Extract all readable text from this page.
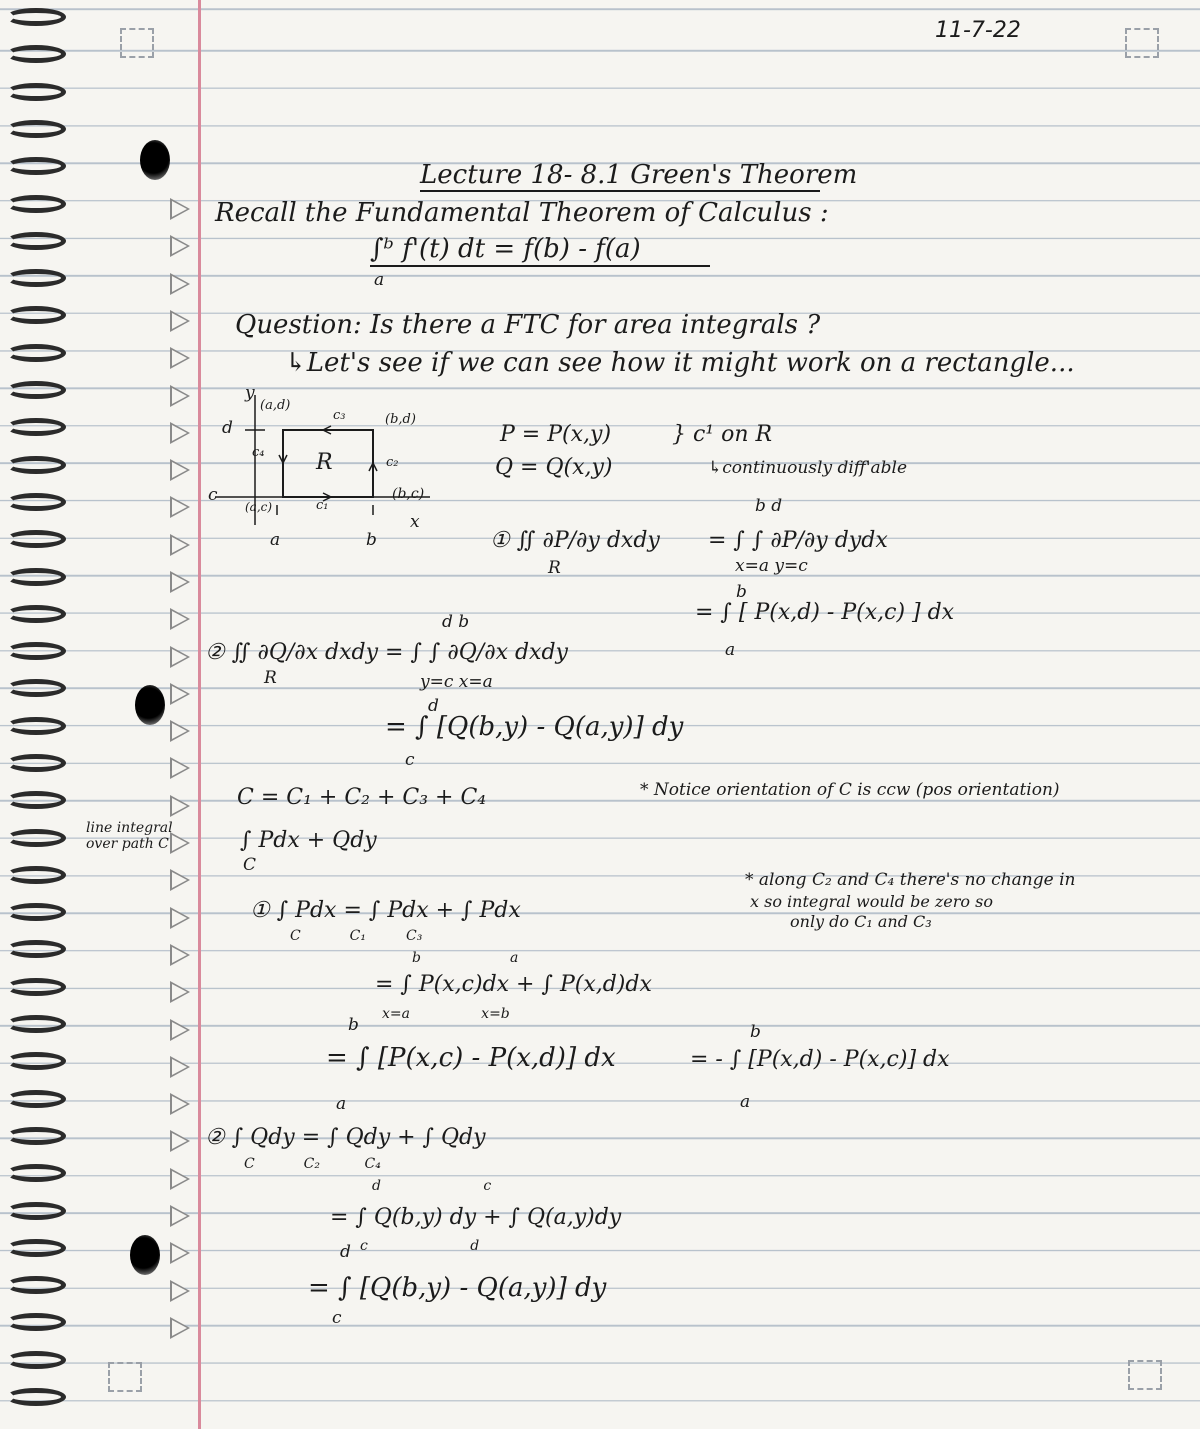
11-7-22
Lecture 18- 8.1 Green's Theorem
Recall the Fundamental Theorem of Calculus :
∫ᵇ f'(t) dt = f(b) - f(a)
a
Question: Is there a FTC for area integrals ?
↳Let's see if we can see how it might work on a rectangle...
y
d
c
a	b
x
(a,d)
(b,d)
(a,c)
(b,c)
c₁
c₂
c₃
c₄ R
P = P(x,y)
Q = Q(x,y)
} c¹ on R
↳continuously diff'able
① ∬ ∂P/∂y dxdy
R
= ∫ ∫ ∂P/∂y dydx
b d
x=a y=c
= ∫ [ P(x,d) - P(x,c) ] dx
b
a
② ∬ ∂Q/∂x dxdy = ∫ ∫ ∂Q/∂x dxdy
R
d b
y=c x=a
= ∫ [Q(b,y) - Q(a,y)] dy
d
c
C = C₁ + C₂ + C₃ + C₄	* Notice orientation of C is ccw (pos orientation)
line integral over path C	∫ Pdx + Qdy
C
① ∫ Pdx = ∫ Pdx + ∫ Pdx
C           C₁         C₃
* along C₂ and C₄ there's no change in
x so integral would be zero so
only do C₁ and C₃
= ∫ P(x,c)dx + ∫ P(x,d)dx
b                    a
x=a                x=b
= ∫ [P(x,c) - P(x,d)] dx
b
a
= - ∫ [P(x,d) - P(x,c)] dx
b
a
② ∫ Qdy = ∫ Qdy + ∫ Qdy
C           C₂          C₄
= ∫ Q(b,y) dy + ∫ Q(a,y)dy
d                       c
c                       d
= ∫ [Q(b,y) - Q(a,y)] dy
d
c
